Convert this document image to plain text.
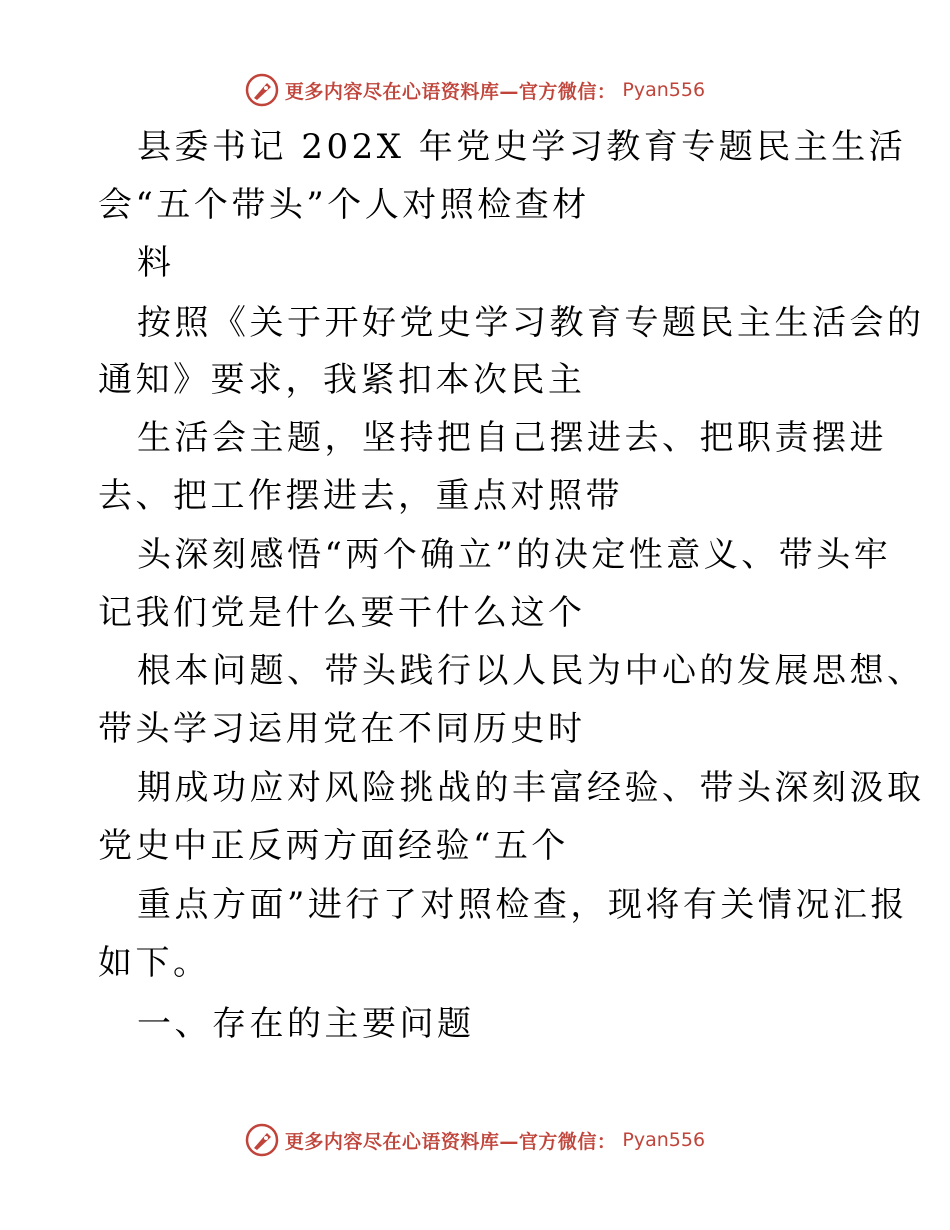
更多内容尽在心语资料库—官方微信： Pyan556
县委书记 202X 年党史学习教育专题民主生活
会“五个带头”个人对照检查材
料
按照《关于开好党史学习教育专题民主生活会的
通知》要求，我紧扣本次民主
生活会主题，坚持把自己摆进去、把职责摆进
去、把工作摆进去，重点对照带
头深刻感悟“两个确立”的决定性意义、带头牢
记我们党是什么要干什么这个
根本问题、带头践行以人民为中心的发展思想、
带头学习运用党在不同历史时
期成功应对风险挑战的丰富经验、带头深刻汲取
党史中正反两方面经验“五个
重点方面”进行了对照检查，现将有关情况汇报
如下。
一、存在的主要问题
更多内容尽在心语资料库—官方微信： Pyan556
